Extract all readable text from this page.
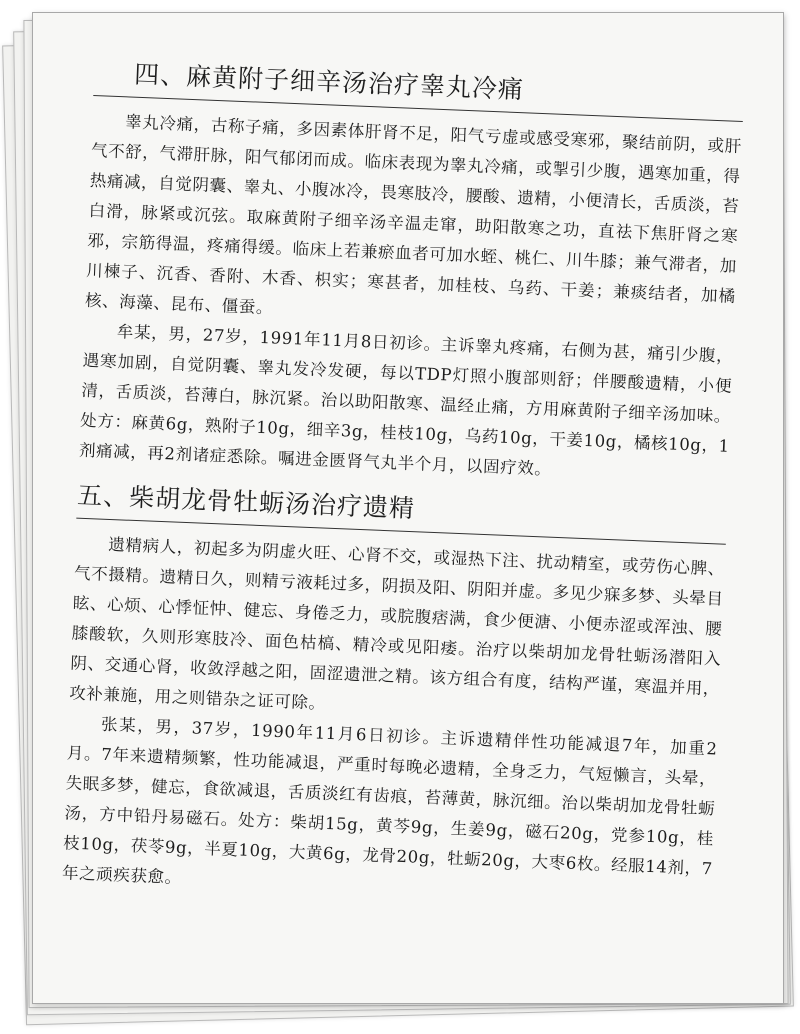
四、麻黄附子细辛汤治疗睾丸冷痛

睾丸冷痛，古称子痛，多因素体肝肾不足，阳气亏虚或感受寒邪，聚结前阴，或肝气不舒，气滞肝脉，阳气郁闭而成。临床表现为睾丸冷痛，或掣引少腹，遇寒加重，得热痛减，自觉阴囊、睾丸、小腹冰冷，畏寒肢冷，腰酸、遗精，小便清长，舌质淡，苔白滑，脉紧或沉弦。取麻黄附子细辛汤辛温走窜，助阳散寒之功，直祛下焦肝肾之寒邪，宗筋得温，疼痛得缓。临床上若兼瘀血者可加水蛭、桃仁、川牛膝；兼气滞者，加川楝子、沉香、香附、木香、枳实；寒甚者，加桂枝、乌药、干姜；兼痰结者，加橘核、海藻、昆布、僵蚕。

牟某，男，27岁，1991年11月8日初诊。主诉睾丸疼痛，右侧为甚，痛引少腹，遇寒加剧，自觉阴囊、睾丸发冷发硬，每以TDP灯照小腹部则舒；伴腰酸遗精，小便清，舌质淡，苔薄白，脉沉紧。治以助阳散寒、温经止痛，方用麻黄附子细辛汤加味。处方：麻黄6g，熟附子10g，细辛3g，桂枝10g，乌药10g，干姜10g，橘核10g，1剂痛减，再2剂诸症悉除。嘱进金匮肾气丸半个月，以固疗效。

五、柴胡龙骨牡蛎汤治疗遗精

遗精病人，初起多为阴虚火旺、心肾不交，或湿热下注、扰动精室，或劳伤心脾、气不摄精。遗精日久，则精亏液耗过多，阴损及阳、阴阳并虚。多见少寐多梦、头晕目眩、心烦、心悸怔忡、健忘、身倦乏力，或脘腹痞满，食少便溏、小便赤涩或浑浊、腰膝酸软，久则形寒肢冷、面色枯槁、精冷或见阳痿。治疗以柴胡加龙骨牡蛎汤潜阳入阴、交通心肾，收敛浮越之阳，固涩遗泄之精。该方组合有度，结构严谨，寒温并用，攻补兼施，用之则错杂之证可除。

张某，男，37岁，1990年11月6日初诊。主诉遗精伴性功能减退7年，加重2月。7年来遗精频繁，性功能减退，严重时每晚必遗精，全身乏力，气短懒言，头晕，失眠多梦，健忘，食欲减退，舌质淡红有齿痕，苔薄黄，脉沉细。治以柴胡加龙骨牡蛎汤，方中铅丹易磁石。处方：柴胡15g，黄芩9g，生姜9g，磁石20g，党参10g，桂枝10g，茯苓9g，半夏10g，大黄6g，龙骨20g，牡蛎20g，大枣6枚。经服14剂，7年之顽疾获愈。
